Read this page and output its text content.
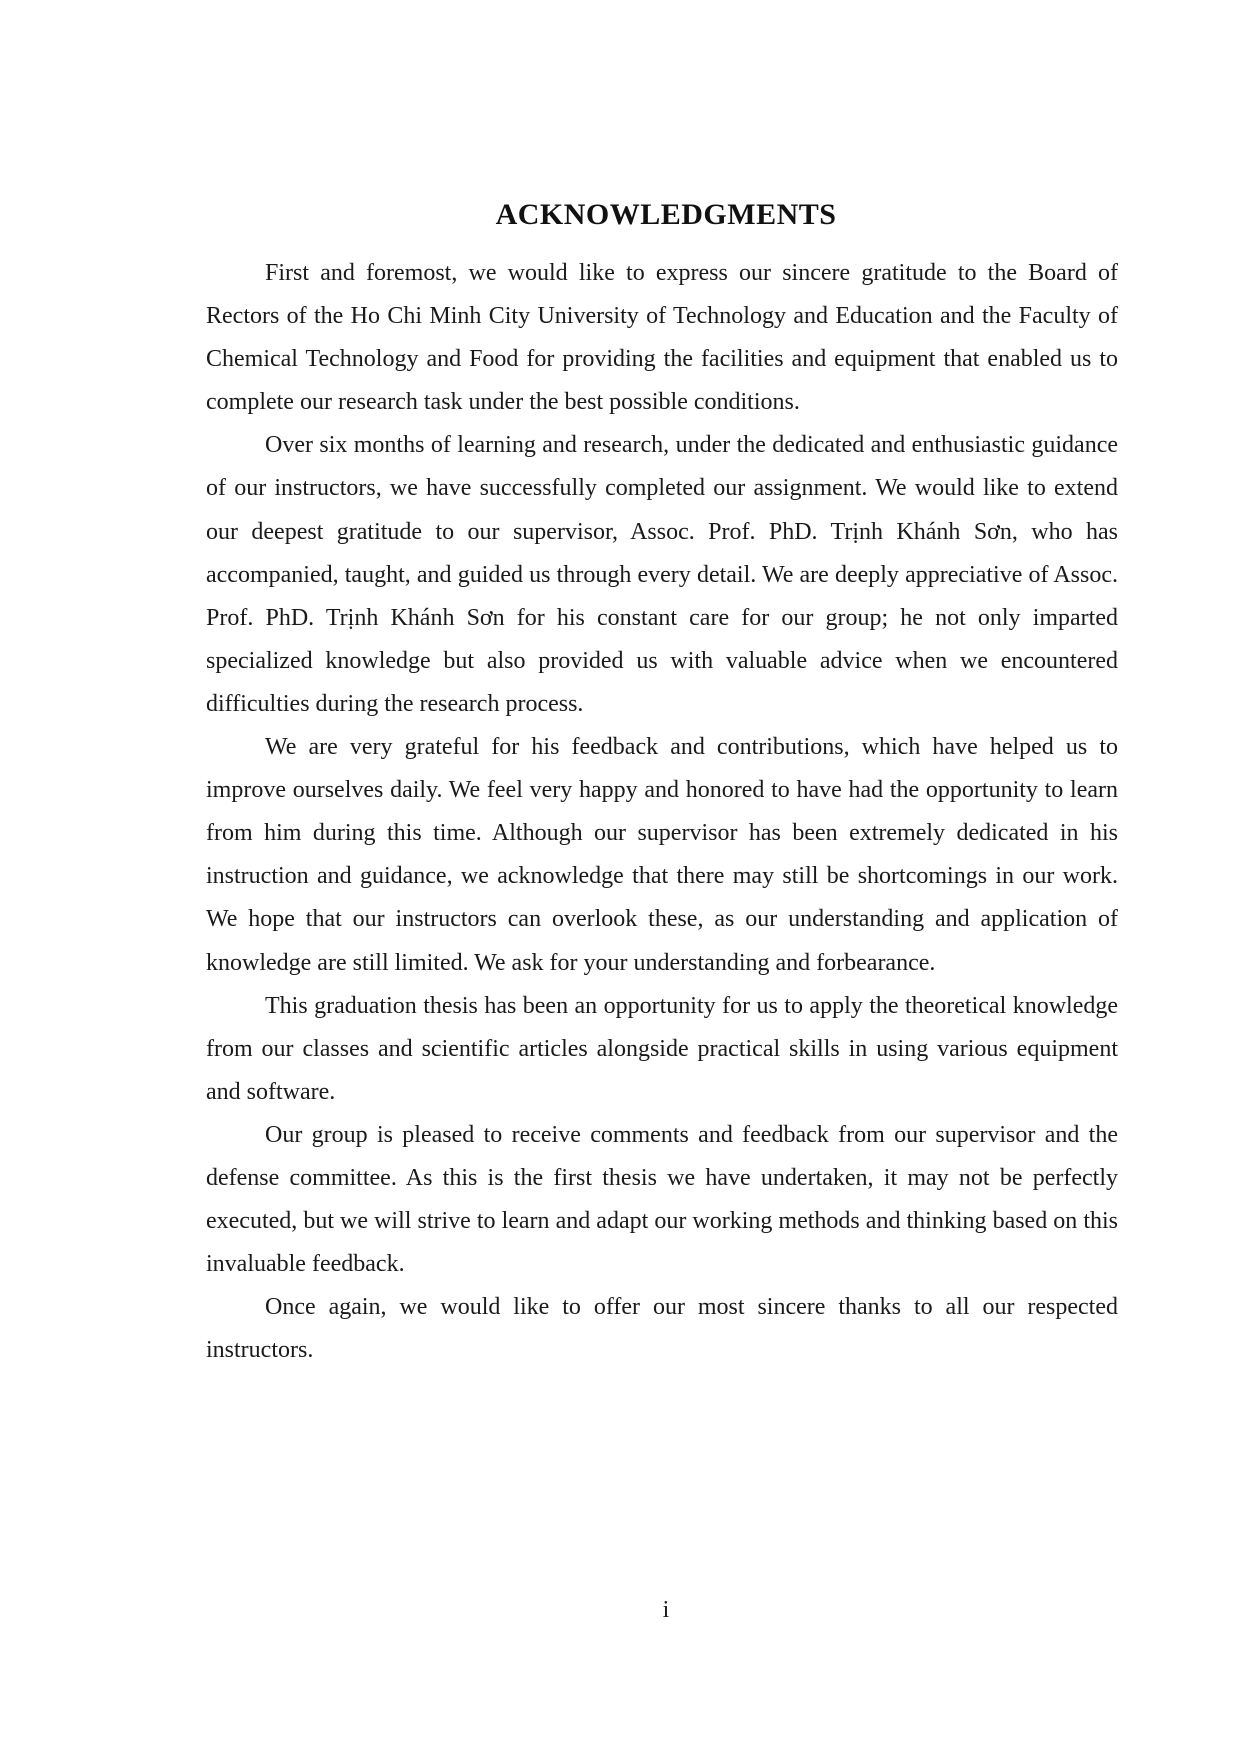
ACKNOWLEDGMENTS

First and foremost, we would like to express our sincere gratitude to the Board of Rectors of the Ho Chi Minh City University of Technology and Education and the Faculty of Chemical Technology and Food for providing the facilities and equipment that enabled us to complete our research task under the best possible conditions.

Over six months of learning and research, under the dedicated and enthusiastic guidance of our instructors, we have successfully completed our assignment. We would like to extend our deepest gratitude to our supervisor, Assoc. Prof. PhD. Trịnh Khánh Sơn, who has accompanied, taught, and guided us through every detail. We are deeply appreciative of Assoc. Prof. PhD. Trịnh Khánh Sơn for his constant care for our group; he not only imparted specialized knowledge but also provided us with valuable advice when we encountered difficulties during the research process.

We are very grateful for his feedback and contributions, which have helped us to improve ourselves daily. We feel very happy and honored to have had the opportunity to learn from him during this time. Although our supervisor has been extremely dedicated in his instruction and guidance, we acknowledge that there may still be shortcomings in our work. We hope that our instructors can overlook these, as our understanding and application of knowledge are still limited. We ask for your understanding and forbearance.

This graduation thesis has been an opportunity for us to apply the theoretical knowledge from our classes and scientific articles alongside practical skills in using various equipment and software.

Our group is pleased to receive comments and feedback from our supervisor and the defense committee. As this is the first thesis we have undertaken, it may not be perfectly executed, but we will strive to learn and adapt our working methods and thinking based on this invaluable feedback.

Once again, we would like to offer our most sincere thanks to all our respected instructors.

i
